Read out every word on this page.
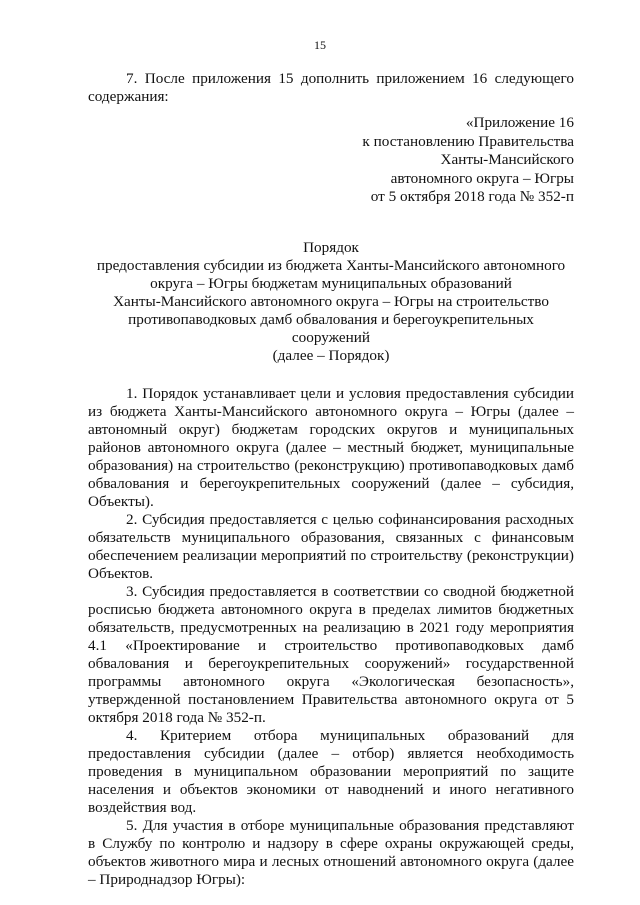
15

7. После приложения 15 дополнить приложением 16 следующего содержания:

«Приложение 16
к постановлению Правительства
Ханты-Мансийского
автономного округа – Югры
от 5 октября 2018 года № 352-п
Порядок
предоставления субсидии из бюджета Ханты-Мансийского автономного
округа – Югры бюджетам муниципальных образований
Ханты-Мансийского автономного округа – Югры на строительство
противопаводковых дамб обвалования и берегоукрепительных сооружений
(далее – Порядок)

1. Порядок устанавливает цели и условия предоставления субсидии из бюджета Ханты-Мансийского автономного округа – Югры (далее – автономный округ) бюджетам городских округов и муниципальных районов автономного округа (далее – местный бюджет, муниципальные образования) на строительство (реконструкцию) противопаводковых дамб обвалования и берегоукрепительных сооружений (далее – субсидия, Объекты).

2. Субсидия предоставляется с целью софинансирования расходных обязательств муниципального образования, связанных с финансовым обеспечением реализации мероприятий по строительству (реконструкции) Объектов.

3. Субсидия предоставляется в соответствии со сводной бюджетной росписью бюджета автономного округа в пределах лимитов бюджетных обязательств, предусмотренных на реализацию в 2021 году мероприятия 4.1 «Проектирование и строительство противопаводковых дамб обвалования и берегоукрепительных сооружений» государственной программы автономного округа «Экологическая безопасность», утвержденной постановлением Правительства автономного округа от 5 октября 2018 года № 352-п.

4. Критерием отбора муниципальных образований для предоставления субсидии (далее – отбор) является необходимость проведения в муниципальном образовании мероприятий по защите населения и объектов экономики от наводнений и иного негативного воздействия вод.

5. Для участия в отборе муниципальные образования представляют в Службу по контролю и надзору в сфере охраны окружающей среды, объектов животного мира и лесных отношений автономного округа (далее – Природнадзор Югры):
